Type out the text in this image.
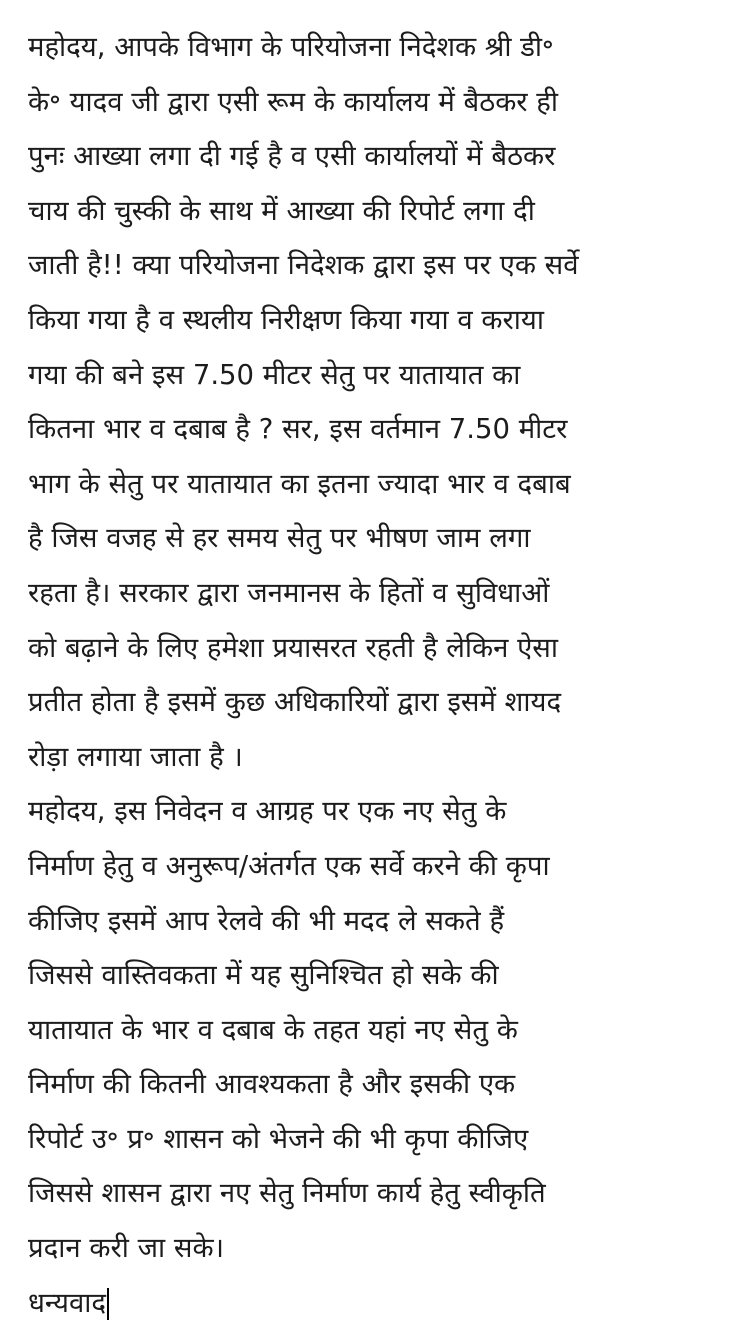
महोदय, आपके विभाग के परियोजना निदेशक श्री डी॰
के॰ यादव जी द्वारा एसी रूम के कार्यालय में बैठकर ही
पुनः आख्या लगा दी गई है व एसी कार्यालयों में बैठकर
चाय की चुस्की के साथ में आख्या की रिपोर्ट लगा दी
जाती है!! क्या परियोजना निदेशक द्वारा इस पर एक सर्वे
किया गया है व स्थलीय निरीक्षण किया गया व कराया
गया की बने इस 7.50 मीटर सेतु पर यातायात का
कितना भार व दबाब है ? सर, इस वर्तमान 7.50 मीटर
भाग के सेतु पर यातायात का इतना ज्यादा भार व दबाब
है जिस वजह से हर समय सेतु पर भीषण जाम लगा
रहता है। सरकार द्वारा जनमानस के हितों व सुविधाओं
को बढ़ाने के लिए हमेशा प्रयासरत रहती है लेकिन ऐसा
प्रतीत होता है इसमें कुछ अधिकारियों द्वारा इसमें शायद
रोड़ा लगाया जाता है ।
महोदय, इस निवेदन व आग्रह पर एक नए सेतु के
निर्माण हेतु व अनुरूप/अंतर्गत एक सर्वे करने की कृपा
कीजिए इसमें आप रेलवे की भी मदद ले सकते हैं
जिससे वास्तिवकता में यह सुनिश्चित हो सके की
यातायात के भार व दबाब के तहत यहां नए सेतु के
निर्माण की कितनी आवश्यकता है और इसकी एक
रिपोर्ट उ॰ प्र॰ शासन को भेजने की भी कृपा कीजिए
जिससे शासन द्वारा नए सेतु निर्माण कार्य हेतु स्वीकृति
प्रदान करी जा सके।
धन्यवाद
